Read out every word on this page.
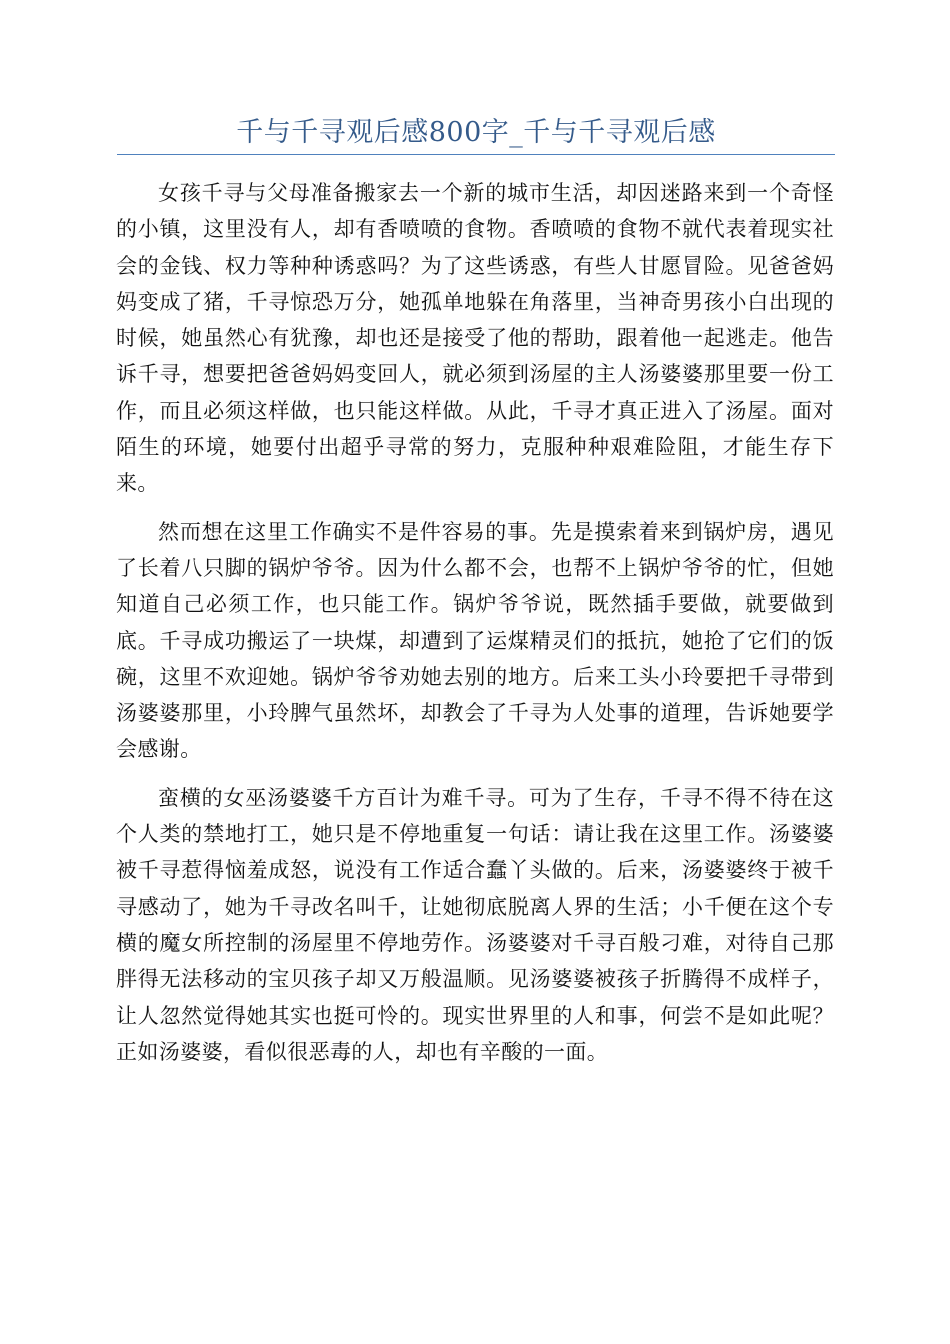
千与千寻观后感800字_千与千寻观后感

女孩千寻与父母准备搬家去一个新的城市生活，却因迷路来到一个奇怪的小镇，这里没有人，却有香喷喷的食物。香喷喷的食物不就代表着现实社会的金钱、权力等种种诱惑吗？为了这些诱惑，有些人甘愿冒险。见爸爸妈妈变成了猪，千寻惊恐万分，她孤单地躲在角落里，当神奇男孩小白出现的时候，她虽然心有犹豫，却也还是接受了他的帮助，跟着他一起逃走。他告诉千寻，想要把爸爸妈妈变回人，就必须到汤屋的主人汤婆婆那里要一份工作，而且必须这样做，也只能这样做。从此，千寻才真正进入了汤屋。面对陌生的环境，她要付出超乎寻常的努力，克服种种艰难险阻，才能生存下来。

然而想在这里工作确实不是件容易的事。先是摸索着来到锅炉房，遇见了长着八只脚的锅炉爷爷。因为什么都不会，也帮不上锅炉爷爷的忙，但她知道自己必须工作，也只能工作。锅炉爷爷说，既然插手要做，就要做到底。千寻成功搬运了一块煤，却遭到了运煤精灵们的抵抗，她抢了它们的饭碗，这里不欢迎她。锅炉爷爷劝她去别的地方。后来工头小玲要把千寻带到汤婆婆那里，小玲脾气虽然坏，却教会了千寻为人处事的道理，告诉她要学会感谢。

蛮横的女巫汤婆婆千方百计为难千寻。可为了生存，千寻不得不待在这个人类的禁地打工，她只是不停地重复一句话：请让我在这里工作。汤婆婆被千寻惹得恼羞成怒，说没有工作适合蠢丫头做的。后来，汤婆婆终于被千寻感动了，她为千寻改名叫千，让她彻底脱离人界的生活；小千便在这个专横的魔女所控制的汤屋里不停地劳作。汤婆婆对千寻百般刁难，对待自己那胖得无法移动的宝贝孩子却又万般温顺。见汤婆婆被孩子折腾得不成样子，让人忽然觉得她其实也挺可怜的。现实世界里的人和事，何尝不是如此呢？正如汤婆婆，看似很恶毒的人，却也有辛酸的一面。
